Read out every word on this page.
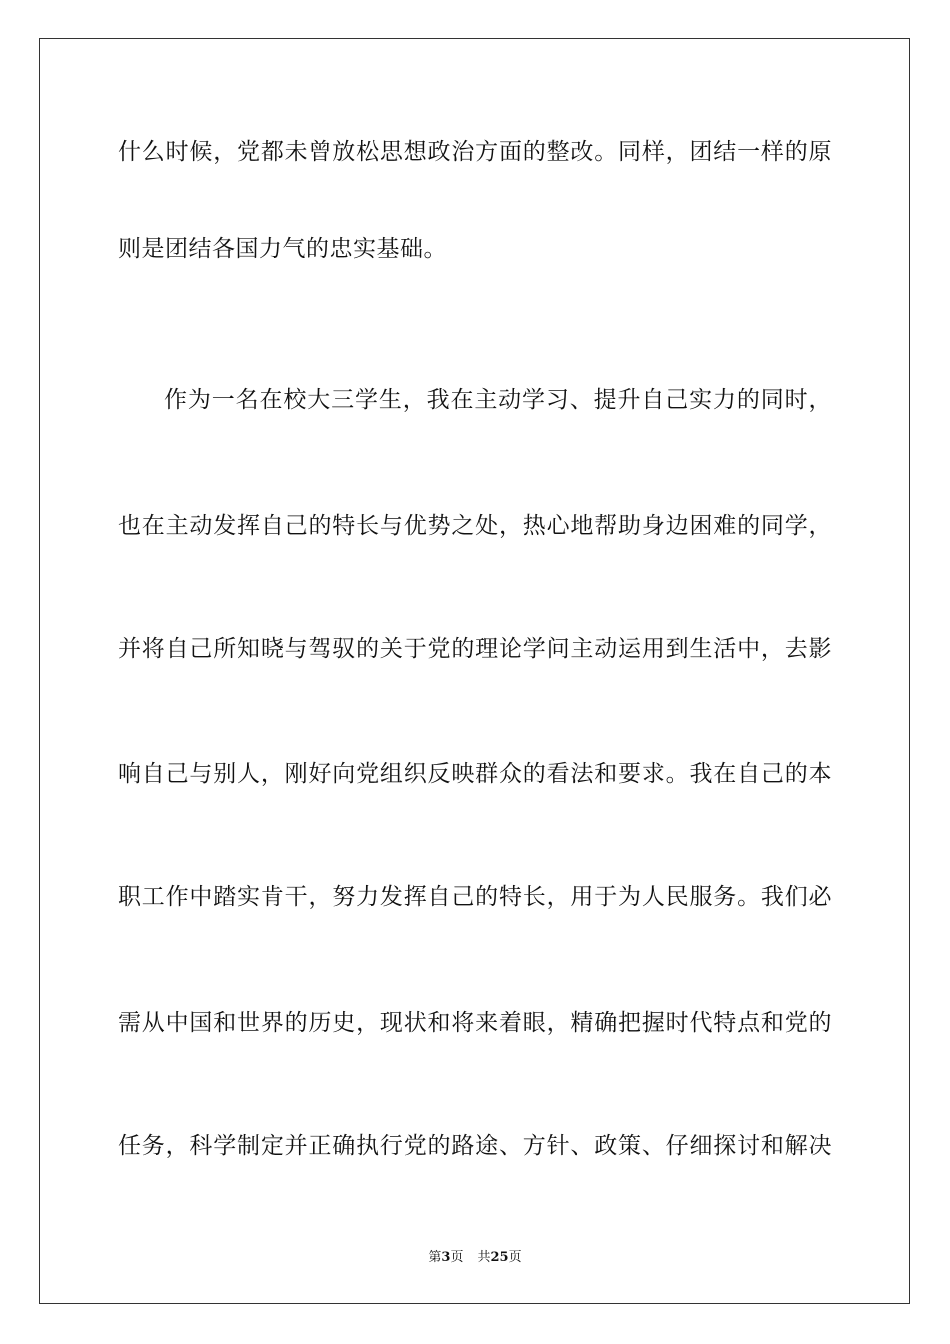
什么时候，党都未曾放松思想政治方面的整改。同样，团结一样的原
则是团结各国力气的忠实基础。
作为一名在校大三学生，我在主动学习、提升自己实力的同时，
也在主动发挥自己的特长与优势之处，热心地帮助身边困难的同学，
并将自己所知晓与驾驭的关于党的理论学问主动运用到生活中，去影
响自己与别人，刚好向党组织反映群众的看法和要求。我在自己的本
职工作中踏实肯干，努力发挥自己的特长，用于为人民服务。我们必
需从中国和世界的历史，现状和将来着眼，精确把握时代特点和党的
任务，科学制定并正确执行党的路途、方针、政策、仔细探讨和解决
第3页 共25页
